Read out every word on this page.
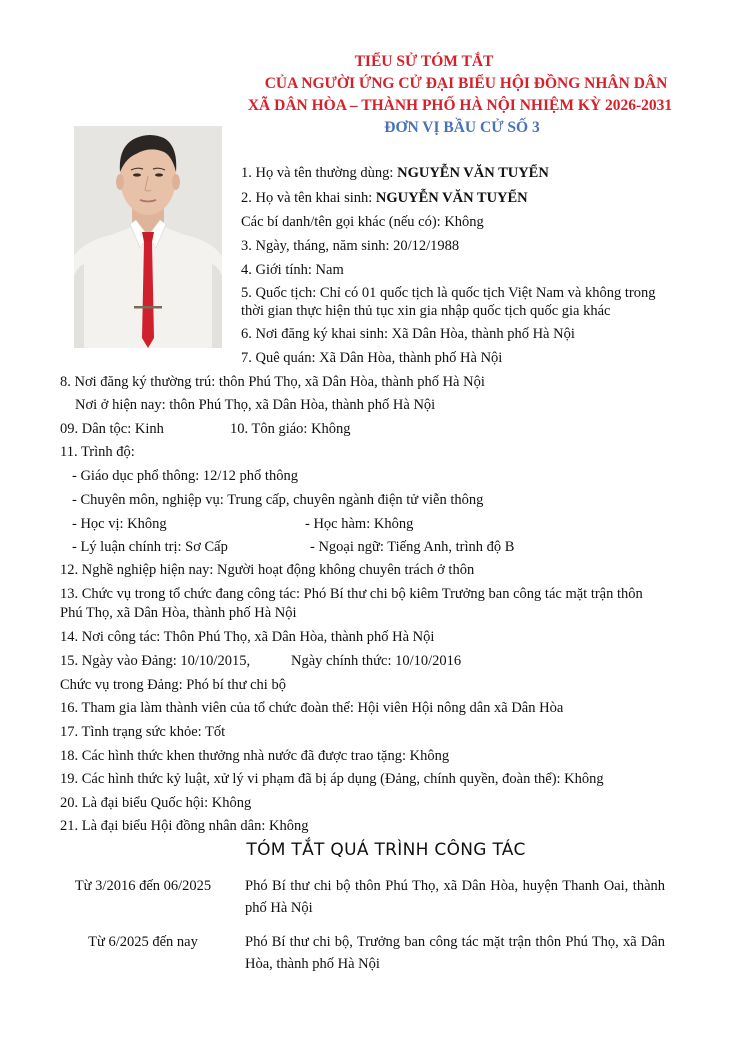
TIỂU SỬ TÓM TẮT
CỦA NGƯỜI ỨNG CỬ ĐẠI BIỂU HỘI ĐỒNG NHÂN DÂN
XÃ DÂN HÒA – THÀNH PHỐ HÀ NỘI NHIỆM KỲ 2026-2031
ĐƠN VỊ BẦU CỬ SỐ 3
1. Họ và tên thường dùng: NGUYỄN VĂN TUYỂN
2. Họ và tên khai sinh: NGUYỄN VĂN TUYỂN
Các bí danh/tên gọi khác (nếu có): Không
3. Ngày, tháng, năm sinh: 20/12/1988
4. Giới tính: Nam
5. Quốc tịch: Chỉ có 01 quốc tịch là quốc tịch Việt Nam và không trong
thời gian thực hiện thủ tục xin gia nhập quốc tịch quốc gia khác
6. Nơi đăng ký khai sinh: Xã Dân Hòa, thành phố Hà Nội
7. Quê quán: Xã Dân Hòa, thành phố Hà Nội
8. Nơi đăng ký thường trú: thôn Phú Thọ, xã Dân Hòa, thành phố Hà Nội
Nơi ở hiện nay: thôn Phú Thọ, xã Dân Hòa, thành phố Hà Nội
09. Dân tộc: Kinh	10. Tôn giáo: Không
11. Trình độ:
- Giáo dục phổ thông: 12/12 phổ thông
- Chuyên môn, nghiệp vụ: Trung cấp, chuyên ngành điện tử viễn thông
- Học vị: Không	- Học hàm: Không
- Lý luận chính trị: Sơ Cấp	- Ngoại ngữ: Tiếng Anh, trình độ B
12. Nghề nghiệp hiện nay: Người hoạt động không chuyên trách ở thôn
13. Chức vụ trong tổ chức đang công tác: Phó Bí thư chi bộ kiêm Trưởng ban công tác mặt trận thôn
Phú Thọ, xã Dân Hòa, thành phố Hà Nội
14. Nơi công tác: Thôn Phú Thọ, xã Dân Hòa, thành phố Hà Nội
15. Ngày vào Đảng: 10/10/2015,	Ngày chính thức: 10/10/2016
Chức vụ trong Đảng: Phó bí thư chi bộ
16. Tham gia làm thành viên của tổ chức đoàn thể: Hội viên Hội nông dân xã Dân Hòa
17. Tình trạng sức khỏe: Tốt
18. Các hình thức khen thưởng nhà nước đã được trao tặng: Không
19. Các hình thức kỷ luật, xử lý vi phạm đã bị áp dụng (Đảng, chính quyền, đoàn thể): Không
20. Là đại biểu Quốc hội: Không
21. Là đại biểu Hội đồng nhân dân: Không
TÓM TẮT QUÁ TRÌNH CÔNG TÁC
Từ 3/2016 đến 06/2025	Phó Bí thư chi bộ thôn Phú Thọ, xã Dân Hòa, huyện Thanh Oai, thành phố Hà Nội
Từ 6/2025 đến nay	Phó Bí thư chi bộ, Trưởng ban công tác mặt trận thôn Phú Thọ, xã Dân Hòa, thành phố Hà Nội
